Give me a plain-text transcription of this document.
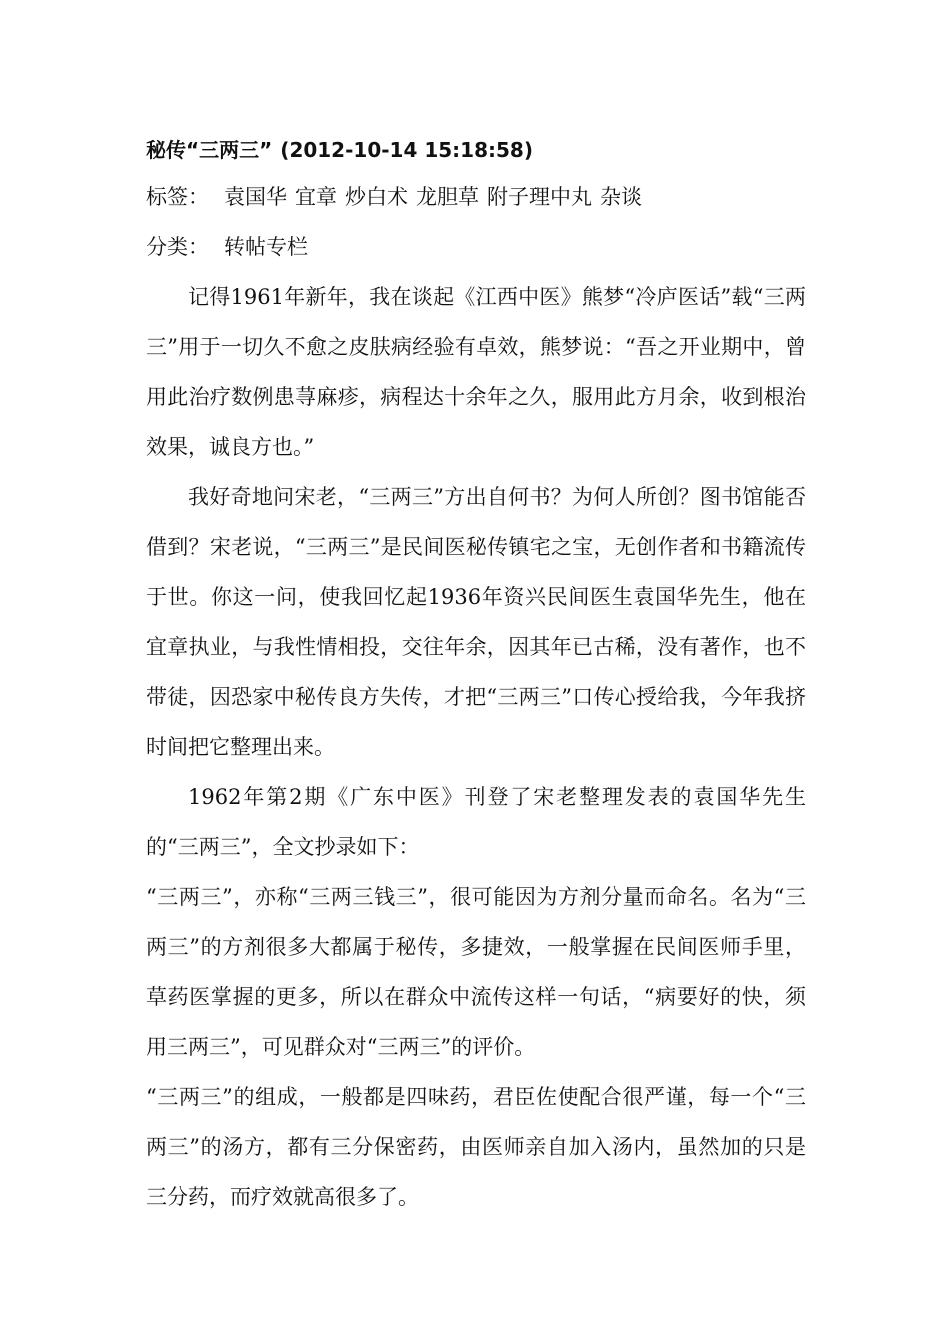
秘传“三两三” (2012-10-14 15:18:58)
标签： 袁国华 宜章 炒白术 龙胆草 附子理中丸 杂谈
分类： 转帖专栏

记得1961年新年，我在谈起《江西中医》熊梦“冷庐医话”载“三两三”用于一切久不愈之皮肤病经验有卓效，熊梦说：“吾之开业期中，曾用此治疗数例患荨麻疹，病程达十余年之久，服用此方月余，收到根治效果，诚良方也。”

我好奇地问宋老，“三两三”方出自何书？为何人所创？图书馆能否借到？宋老说，“三两三”是民间医秘传镇宅之宝，无创作者和书籍流传于世。你这一问，使我回忆起1936年资兴民间医生袁国华先生，他在宜章执业，与我性情相投，交往年余，因其年已古稀，没有著作，也不带徒，因恐家中秘传良方失传，才把“三两三”口传心授给我，今年我挤时间把它整理出来。

1962年第2期《广东中医》刊登了宋老整理发表的袁国华先生的“三两三”，全文抄录如下：

“三两三”，亦称“三两三钱三”，很可能因为方剂分量而命名。名为“三两三”的方剂很多大都属于秘传，多捷效，一般掌握在民间医师手里，草药医掌握的更多，所以在群众中流传这样一句话，“病要好的快，须用三两三”，可见群众对“三两三”的评价。

“三两三”的组成，一般都是四味药，君臣佐使配合很严谨，每一个“三两三”的汤方，都有三分保密药，由医师亲自加入汤内，虽然加的只是三分药，而疗效就高很多了。
